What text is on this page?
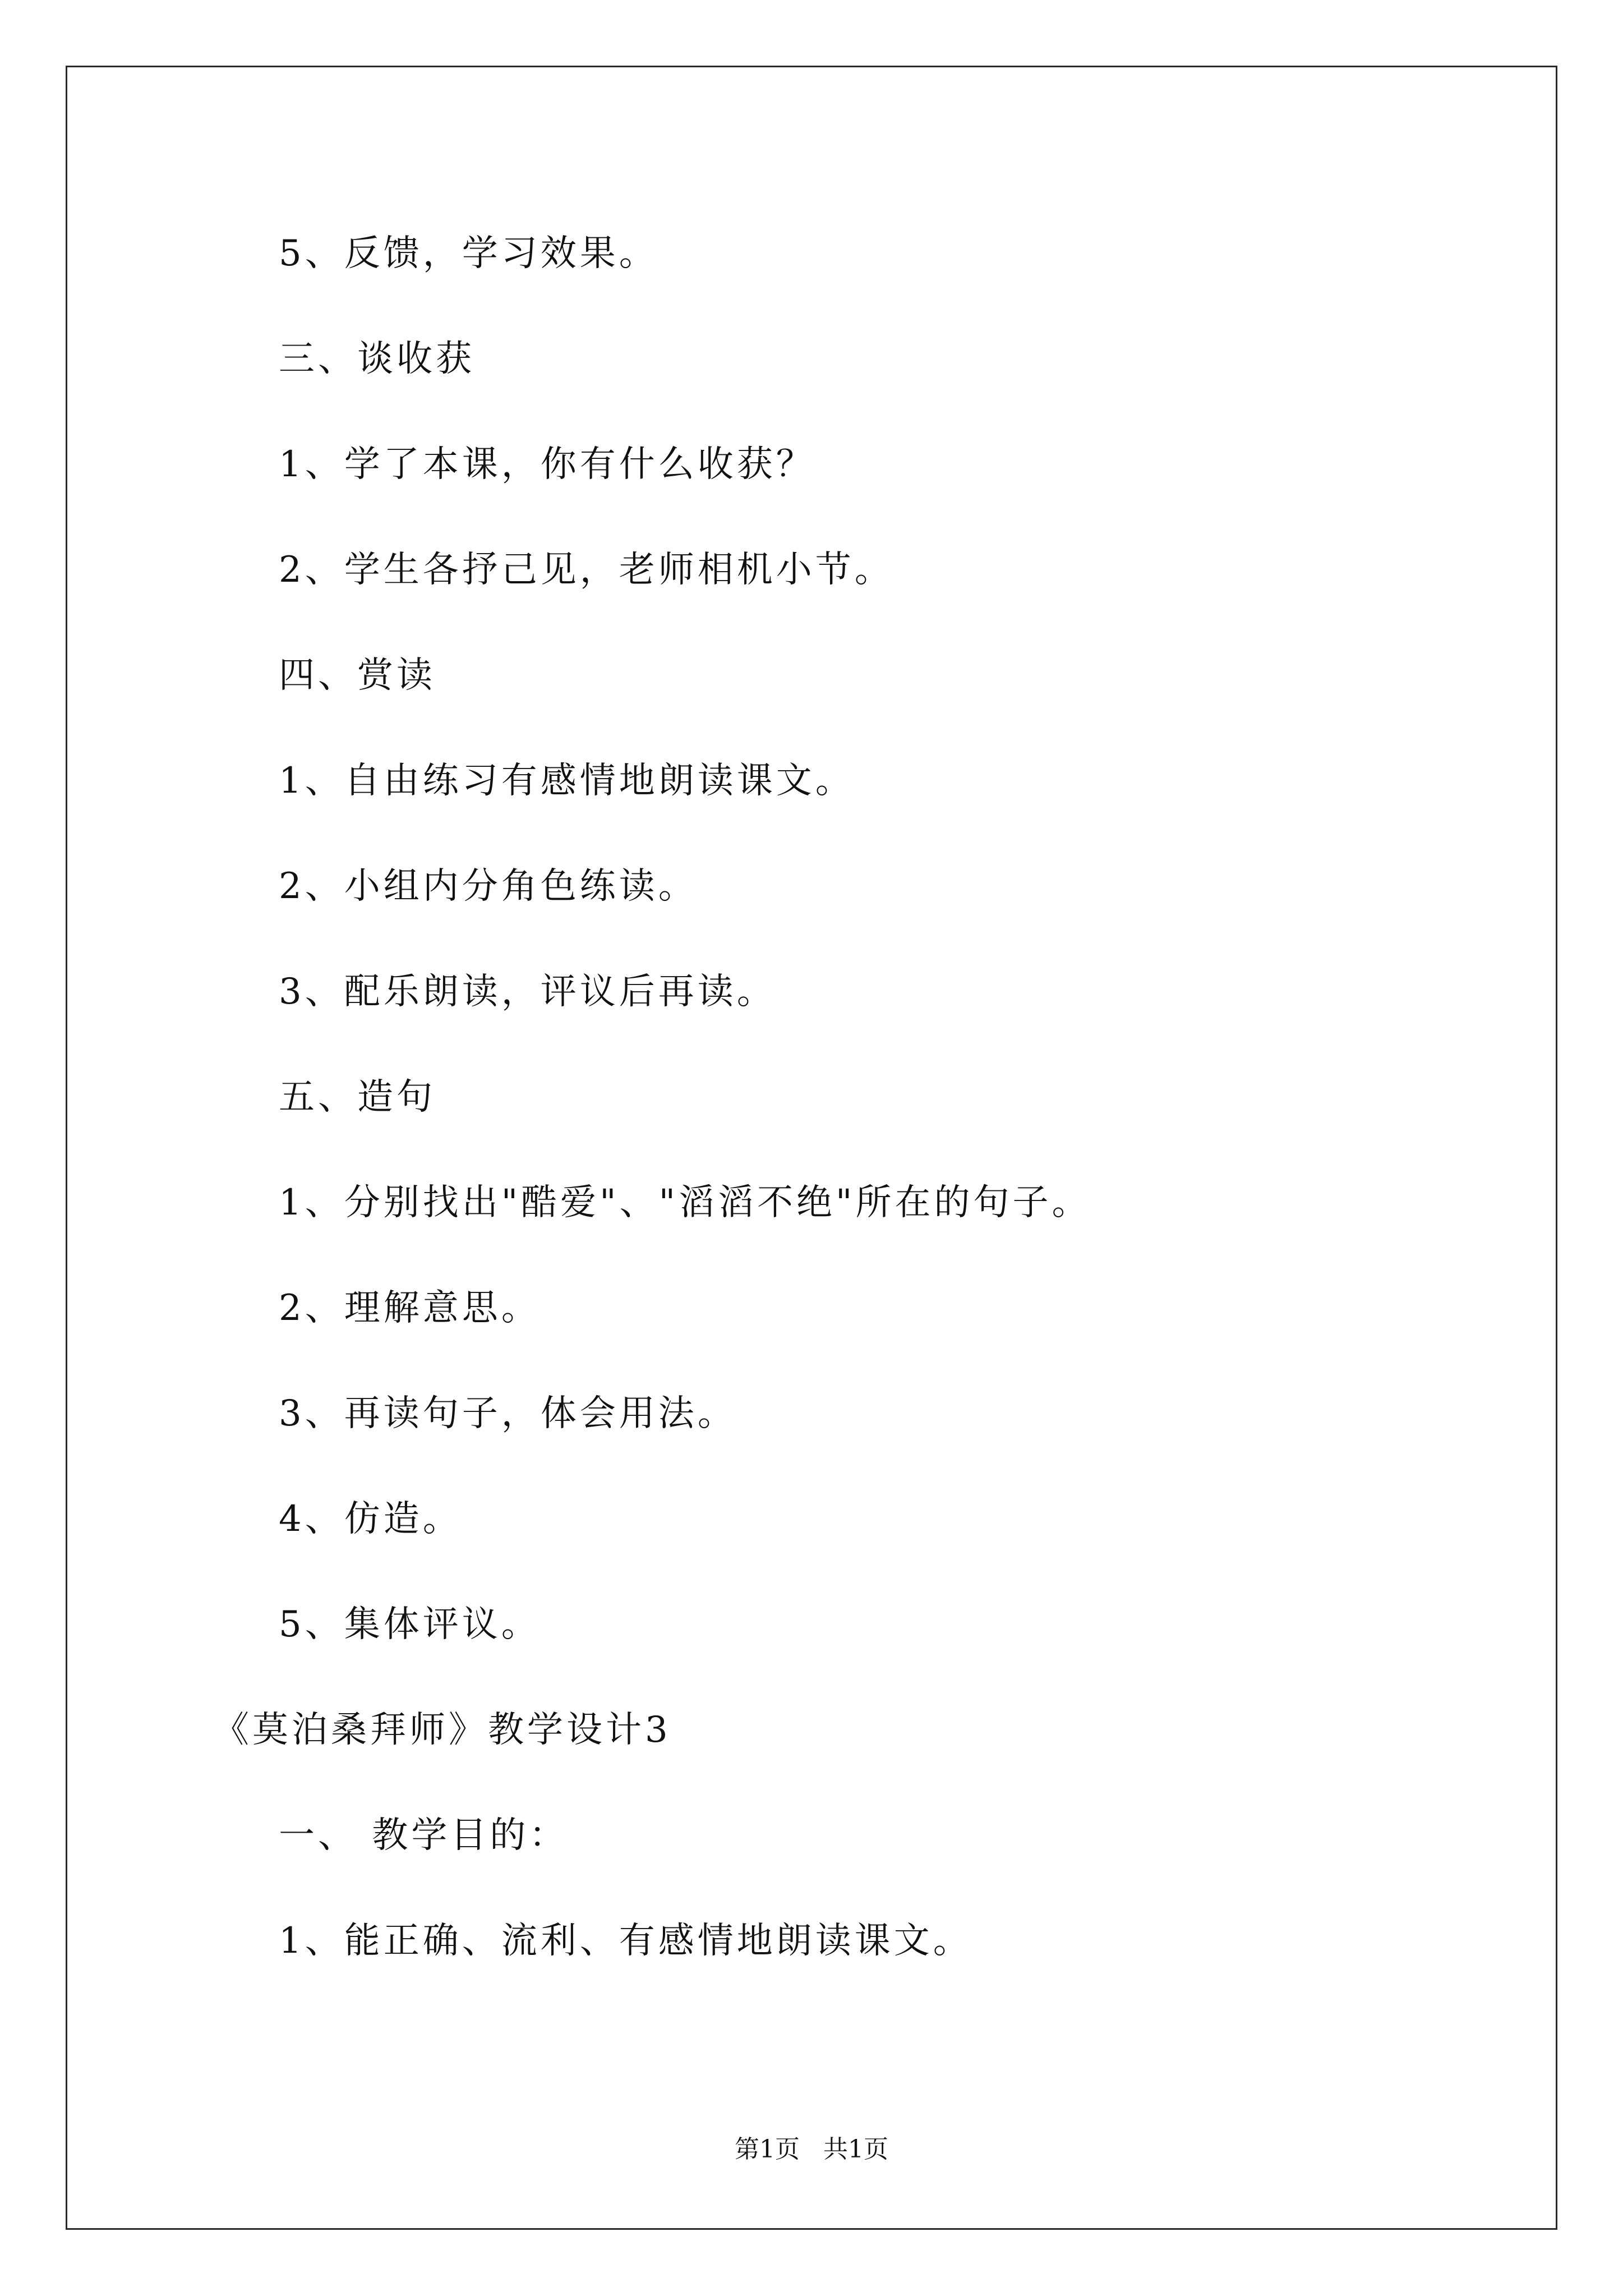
5、反馈，学习效果。
三、谈收获
1、学了本课，你有什么收获？
2、学生各抒己见，老师相机小节。
四、赏读
1、自由练习有感情地朗读课文。
2、小组内分角色练读。
3、配乐朗读，评议后再读。
五、造句
1、分别找出"酷爱"、"滔滔不绝"所在的句子。
2、理解意思。
3、再读句子，体会用法。
4、仿造。
5、集体评议。
《莫泊桑拜师》教学设计3
一、 教学目的：
1、能正确、流利、有感情地朗读课文。
第1页   共1页
